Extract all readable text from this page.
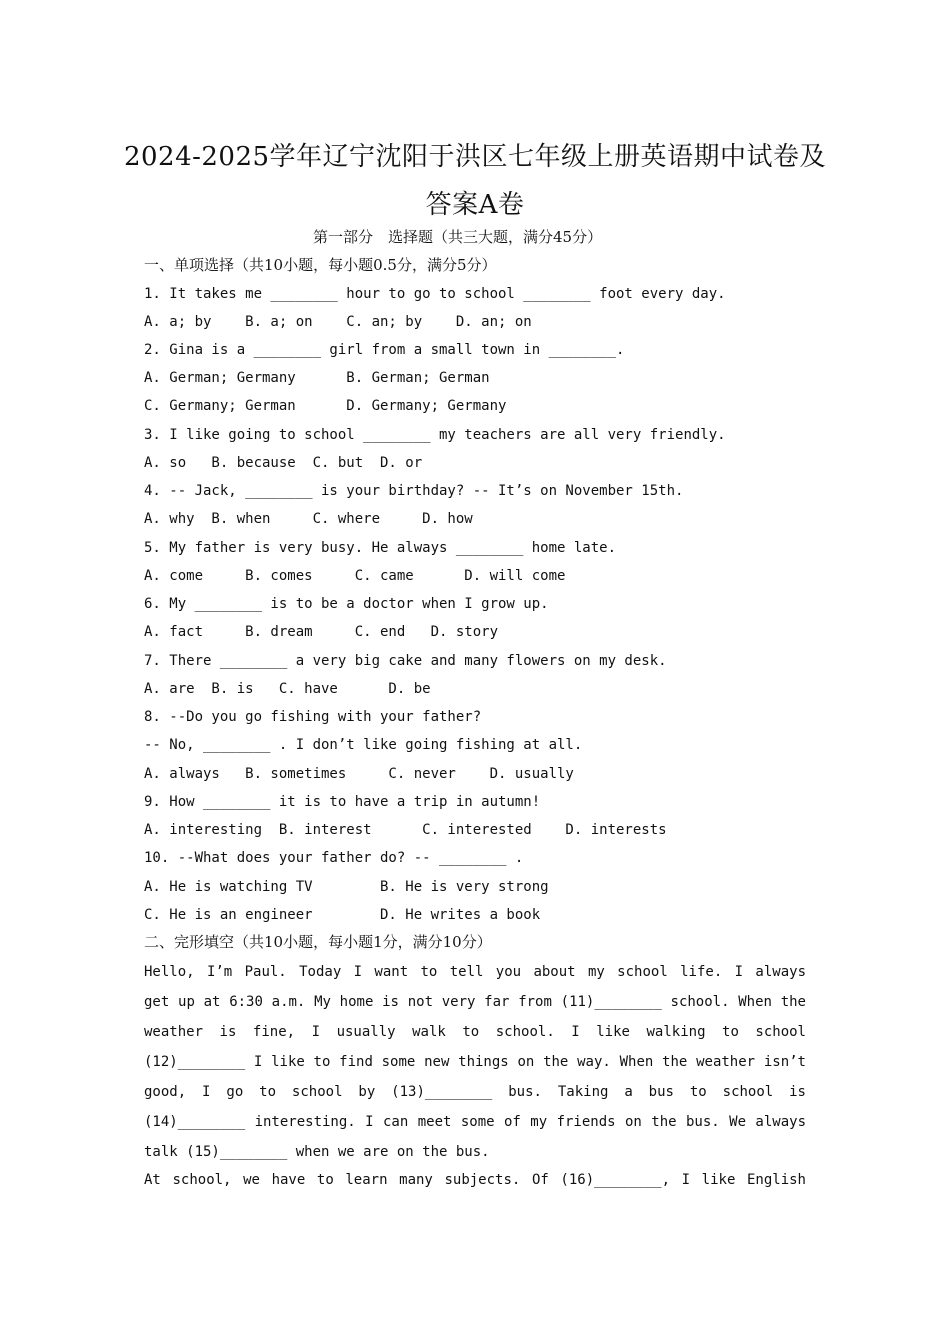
2024-2025学年辽宁沈阳于洪区七年级上册英语期中试卷及
答案A卷
第一部分　选择题（共三大题，满分45分）
一、单项选择（共10小题，每小题0.5分，满分5分）
1. It takes me ________ hour to go to school ________ foot every day.
A. a; by    B. a; on    C. an; by    D. an; on
2. Gina is a ________ girl from a small town in ________.
A. German; Germany      B. German; German
C. Germany; German      D. Germany; Germany
3. I like going to school ________ my teachers are all very friendly.
A. so   B. because  C. but  D. or
4. -- Jack, ________ is your birthday? -- It’s on November 15th.
A. why  B. when     C. where     D. how
5. My father is very busy. He always ________ home late.
A. come     B. comes     C. came      D. will come
6. My ________ is to be a doctor when I grow up.
A. fact     B. dream     C. end   D. story
7. There ________ a very big cake and many flowers on my desk.
A. are  B. is   C. have      D. be
8. --Do you go fishing with your father?
-- No, ________ . I don’t like going fishing at all.
A. always   B. sometimes     C. never    D. usually
9. How ________ it is to have a trip in autumn!
A. interesting  B. interest      C. interested    D. interests
10. --What does your father do? -- ________ .
A. He is watching TV        B. He is very strong
C. He is an engineer        D. He writes a book
二、完形填空（共10小题，每小题1分，满分10分）
Hello, I’m Paul. Today I want to tell you about my school life. I always
get up at 6:30 a.m. My home is not very far from (11)________ school. When the
weather is fine, I usually walk to school. I like walking to school
(12)________ I like to find some new things on the way. When the weather isn’t
good, I go to school by (13)________ bus. Taking a bus to school is
(14)________ interesting. I can meet some of my friends on the bus. We always
talk (15)________ when we are on the bus.
At school, we have to learn many subjects. Of (16)________, I like English
